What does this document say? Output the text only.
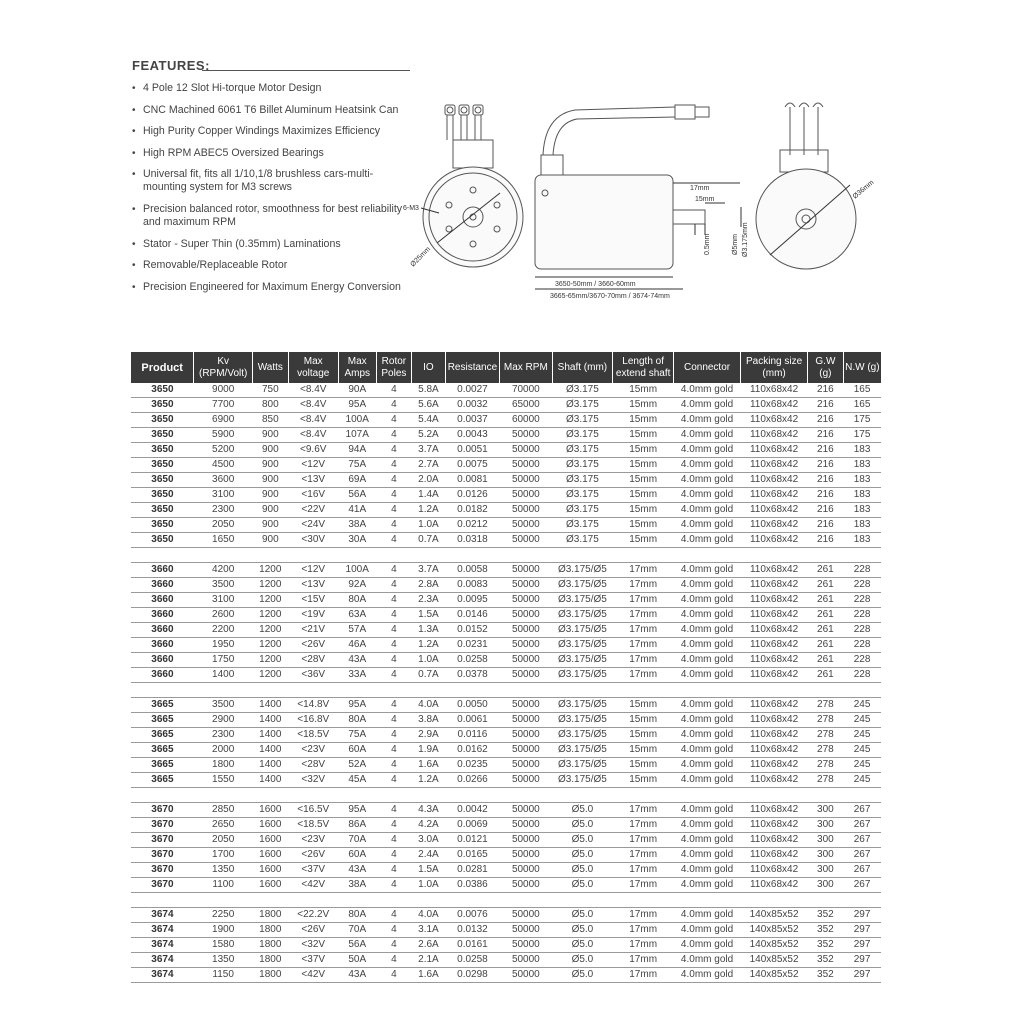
FEATURES:
• 4 Pole 12 Slot Hi-torque Motor Design
• CNC Machined 6061 T6 Billet Aluminum Heatsink Can
• High Purity Copper Windings Maximizes Efficiency
• High RPM ABEC5 Oversized Bearings
• Universal fit, fits all 1/10,1/8 brushless cars-multi-mounting system for M3 screws
• Precision balanced rotor, smoothness for best reliability and maximum RPM
• Stator - Super Thin (0.35mm) Laminations
• Removable/Replaceable Rotor
• Precision Engineered for Maximum Energy Conversion
6-M3
Ø25mm
17mm
15mm
0.5mm	Ø5mm Ø3.175mm
3650-50mm / 3660-60mm
3665-65mm/3670-70mm / 3674-74mm
Ø36mm
Product	Kv (RPM/Volt)	Watts	Max voltage	Max Amps	Rotor Poles	IO	Resistance	Max RPM	Shaft (mm)	Length of extend shaft	Connector	Packing size (mm)	G.W (g)	N.W (g)
3650	9000	750	<8.4V	90A	4	5.8A	0.0027	70000	Ø3.175	15mm	4.0mm gold	110x68x42	216	165
3650	7700	800	<8.4V	95A	4	5.6A	0.0032	65000	Ø3.175	15mm	4.0mm gold	110x68x42	216	165
3650	6900	850	<8.4V	100A	4	5.4A	0.0037	60000	Ø3.175	15mm	4.0mm gold	110x68x42	216	175
3650	5900	900	<8.4V	107A	4	5.2A	0.0043	50000	Ø3.175	15mm	4.0mm gold	110x68x42	216	175
3650	5200	900	<9.6V	94A	4	3.7A	0.0051	50000	Ø3.175	15mm	4.0mm gold	110x68x42	216	183
3650	4500	900	<12V	75A	4	2.7A	0.0075	50000	Ø3.175	15mm	4.0mm gold	110x68x42	216	183
3650	3600	900	<13V	69A	4	2.0A	0.0081	50000	Ø3.175	15mm	4.0mm gold	110x68x42	216	183
3650	3100	900	<16V	56A	4	1.4A	0.0126	50000	Ø3.175	15mm	4.0mm gold	110x68x42	216	183
3650	2300	900	<22V	41A	4	1.2A	0.0182	50000	Ø3.175	15mm	4.0mm gold	110x68x42	216	183
3650	2050	900	<24V	38A	4	1.0A	0.0212	50000	Ø3.175	15mm	4.0mm gold	110x68x42	216	183
3650	1650	900	<30V	30A	4	0.7A	0.0318	50000	Ø3.175	15mm	4.0mm gold	110x68x42	216	183

3660	4200	1200	<12V	100A	4	3.7A	0.0058	50000	Ø3.175/Ø5	17mm	4.0mm gold	110x68x42	261	228
3660	3500	1200	<13V	92A	4	2.8A	0.0083	50000	Ø3.175/Ø5	17mm	4.0mm gold	110x68x42	261	228
3660	3100	1200	<15V	80A	4	2.3A	0.0095	50000	Ø3.175/Ø5	17mm	4.0mm gold	110x68x42	261	228
3660	2600	1200	<19V	63A	4	1.5A	0.0146	50000	Ø3.175/Ø5	17mm	4.0mm gold	110x68x42	261	228
3660	2200	1200	<21V	57A	4	1.3A	0.0152	50000	Ø3.175/Ø5	17mm	4.0mm gold	110x68x42	261	228
3660	1950	1200	<26V	46A	4	1.2A	0.0231	50000	Ø3.175/Ø5	17mm	4.0mm gold	110x68x42	261	228
3660	1750	1200	<28V	43A	4	1.0A	0.0258	50000	Ø3.175/Ø5	17mm	4.0mm gold	110x68x42	261	228
3660	1400	1200	<36V	33A	4	0.7A	0.0378	50000	Ø3.175/Ø5	17mm	4.0mm gold	110x68x42	261	228

3665	3500	1400	<14.8V	95A	4	4.0A	0.0050	50000	Ø3.175/Ø5	15mm	4.0mm gold	110x68x42	278	245
3665	2900	1400	<16.8V	80A	4	3.8A	0.0061	50000	Ø3.175/Ø5	15mm	4.0mm gold	110x68x42	278	245
3665	2300	1400	<18.5V	75A	4	2.9A	0.0116	50000	Ø3.175/Ø5	15mm	4.0mm gold	110x68x42	278	245
3665	2000	1400	<23V	60A	4	1.9A	0.0162	50000	Ø3.175/Ø5	15mm	4.0mm gold	110x68x42	278	245
3665	1800	1400	<28V	52A	4	1.6A	0.0235	50000	Ø3.175/Ø5	15mm	4.0mm gold	110x68x42	278	245
3665	1550	1400	<32V	45A	4	1.2A	0.0266	50000	Ø3.175/Ø5	15mm	4.0mm gold	110x68x42	278	245

3670	2850	1600	<16.5V	95A	4	4.3A	0.0042	50000	Ø5.0	17mm	4.0mm gold	110x68x42	300	267
3670	2650	1600	<18.5V	86A	4	4.2A	0.0069	50000	Ø5.0	17mm	4.0mm gold	110x68x42	300	267
3670	2050	1600	<23V	70A	4	3.0A	0.0121	50000	Ø5.0	17mm	4.0mm gold	110x68x42	300	267
3670	1700	1600	<26V	60A	4	2.4A	0.0165	50000	Ø5.0	17mm	4.0mm gold	110x68x42	300	267
3670	1350	1600	<37V	43A	4	1.5A	0.0281	50000	Ø5.0	17mm	4.0mm gold	110x68x42	300	267
3670	1100	1600	<42V	38A	4	1.0A	0.0386	50000	Ø5.0	17mm	4.0mm gold	110x68x42	300	267

3674	2250	1800	<22.2V	80A	4	4.0A	0.0076	50000	Ø5.0	17mm	4.0mm gold	140x85x52	352	297
3674	1900	1800	<26V	70A	4	3.1A	0.0132	50000	Ø5.0	17mm	4.0mm gold	140x85x52	352	297
3674	1580	1800	<32V	56A	4	2.6A	0.0161	50000	Ø5.0	17mm	4.0mm gold	140x85x52	352	297
3674	1350	1800	<37V	50A	4	2.1A	0.0258	50000	Ø5.0	17mm	4.0mm gold	140x85x52	352	297
3674	1150	1800	<42V	43A	4	1.6A	0.0298	50000	Ø5.0	17mm	4.0mm gold	140x85x52	352	297
